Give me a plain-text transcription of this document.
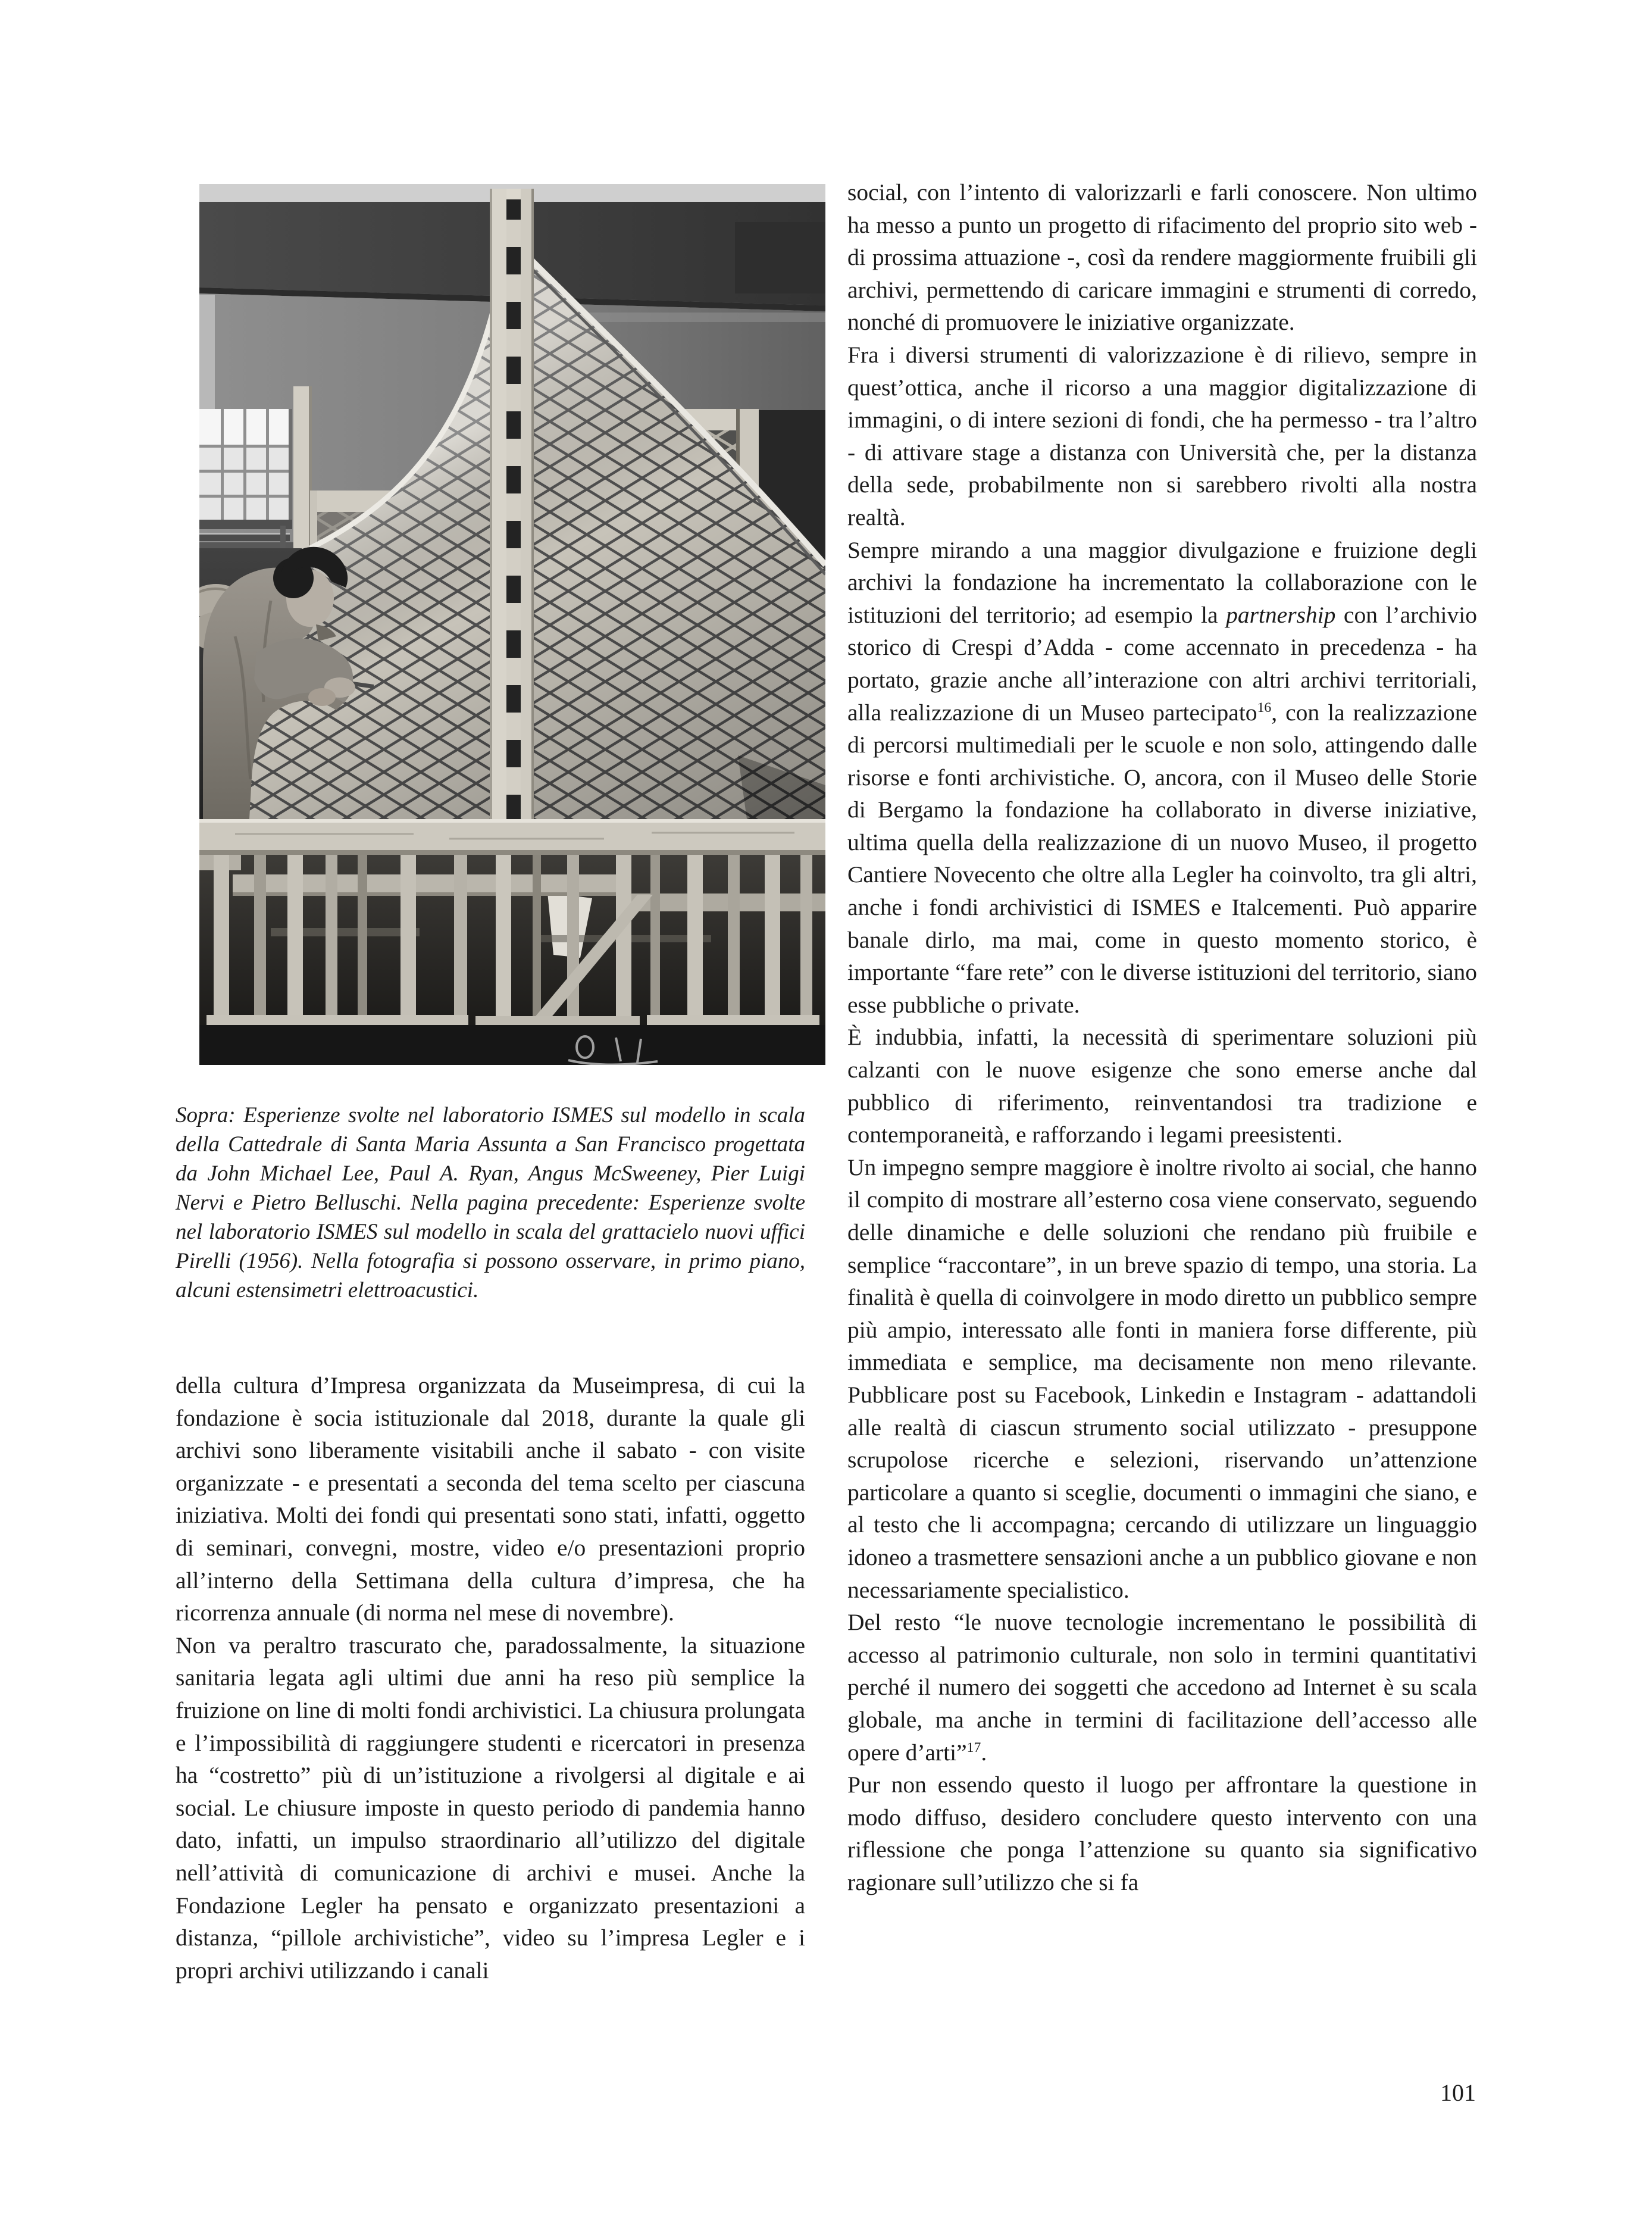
Sopra: Esperienze svolte nel laboratorio ISMES sul modello in scala della Cattedrale di Santa Maria Assunta a San Francisco progettata da John Michael Lee, Paul A. Ryan, Angus McSweeney, Pier Luigi Nervi e Pietro Belluschi. Nella pagina precedente: Esperienze svolte nel laboratorio ISMES sul modello in scala del grattacielo nuovi uffici Pirelli (1956). Nella fotografia si possono osservare, in primo piano, alcuni estensimetri elettroacustici.

della cultura d’Impresa organizzata da Museimpresa, di cui la fondazione è socia istituzionale dal 2018, durante la quale gli archivi sono liberamente visitabili anche il sabato - con visite organizzate - e presentati a seconda del tema scelto per ciascuna iniziativa. Molti dei fondi qui presentati sono stati, infatti, oggetto di seminari, convegni, mostre, video e/o presentazioni proprio all’interno della Settimana della cultura d’impresa, che ha ricorrenza annuale (di norma nel mese di novembre).

Non va peraltro trascurato che, paradossalmente, la situazione sanitaria legata agli ultimi due anni ha reso più semplice la fruizione on line di molti fondi archivistici. La chiusura prolungata e l’impossibilità di raggiungere studenti e ricercatori in presenza ha “costretto” più di un’istituzione a rivolgersi al digitale e ai social. Le chiusure imposte in questo periodo di pandemia hanno dato, infatti, un impulso straordinario all’utilizzo del digitale nell’attività di comunicazione di archivi e musei. Anche la Fondazione Legler ha pensato e organizzato presentazioni a distanza, “pillole archivistiche”, video su l’impresa Legler e i propri archivi utilizzando i canali

social, con l’intento di valorizzarli e farli conoscere. Non ultimo ha messo a punto un progetto di rifacimento del proprio sito web - di prossima attuazione -, così da rendere maggiormente fruibili gli archivi, permettendo di caricare immagini e strumenti di corredo, nonché di promuovere le iniziative organizzate.

Fra i diversi strumenti di valorizzazione è di rilievo, sempre in quest’ottica, anche il ricorso a una maggior digitalizzazione di immagini, o di intere sezioni di fondi, che ha permesso - tra l’altro - di attivare stage a distanza con Università che, per la distanza della sede, probabilmente non si sarebbero rivolti alla nostra realtà.

Sempre mirando a una maggior divulgazione e fruizione degli archivi la fondazione ha incrementato la collaborazione con le istituzioni del territorio; ad esempio la partnership con l’archivio storico di Crespi d’Adda - come accennato in precedenza - ha portato, grazie anche all’interazione con altri archivi territoriali, alla realizzazione di un Museo partecipato$^{16}$, con la realizzazione di percorsi multimediali per le scuole e non solo, attingendo dalle risorse e fonti archivistiche. O, ancora, con il Museo delle Storie di Bergamo la fondazione ha collaborato in diverse iniziative, ultima quella della realizzazione di un nuovo Museo, il progetto Cantiere Novecento che oltre alla Legler ha coinvolto, tra gli altri, anche i fondi archivistici di ISMES e Italcementi. Può apparire banale dirlo, ma mai, come in questo momento storico, è importante “fare rete” con le diverse istituzioni del territorio, siano esse pubbliche o private.

È indubbia, infatti, la necessità di sperimentare soluzioni più calzanti con le nuove esigenze che sono emerse anche dal pubblico di riferimento, reinventandosi tra tradizione e contemporaneità, e rafforzando i legami preesistenti.

Un impegno sempre maggiore è inoltre rivolto ai social, che hanno il compito di mostrare all’esterno cosa viene conservato, seguendo delle dinamiche e delle soluzioni che rendano più fruibile e semplice “raccontare”, in un breve spazio di tempo, una storia. La finalità è quella di coinvolgere in modo diretto un pubblico sempre più ampio, interessato alle fonti in maniera forse differente, più immediata e semplice, ma decisamente non meno rilevante. Pubblicare post su Facebook, Linkedin e Instagram - adattandoli alle realtà di ciascun strumento social utilizzato - presuppone scrupolose ricerche e selezioni, riservando un’attenzione particolare a quanto si sceglie, documenti o immagini che siano, e al testo che li accompagna; cercando di utilizzare un linguaggio idoneo a trasmettere sensazioni anche a un pubblico giovane e non necessariamente specialistico.

Del resto “le nuove tecnologie incrementano le possibilità di accesso al patrimonio culturale, non solo in termini quantitativi perché il numero dei soggetti che accedono ad Internet è su scala globale, ma anche in termini di facilitazione dell’accesso alle opere d’arti”$^{17}$.

Pur non essendo questo il luogo per affrontare la questione in modo diffuso, desidero concludere questo intervento con una riflessione che ponga l’attenzione su quanto sia significativo ragionare sull’utilizzo che si fa

101
